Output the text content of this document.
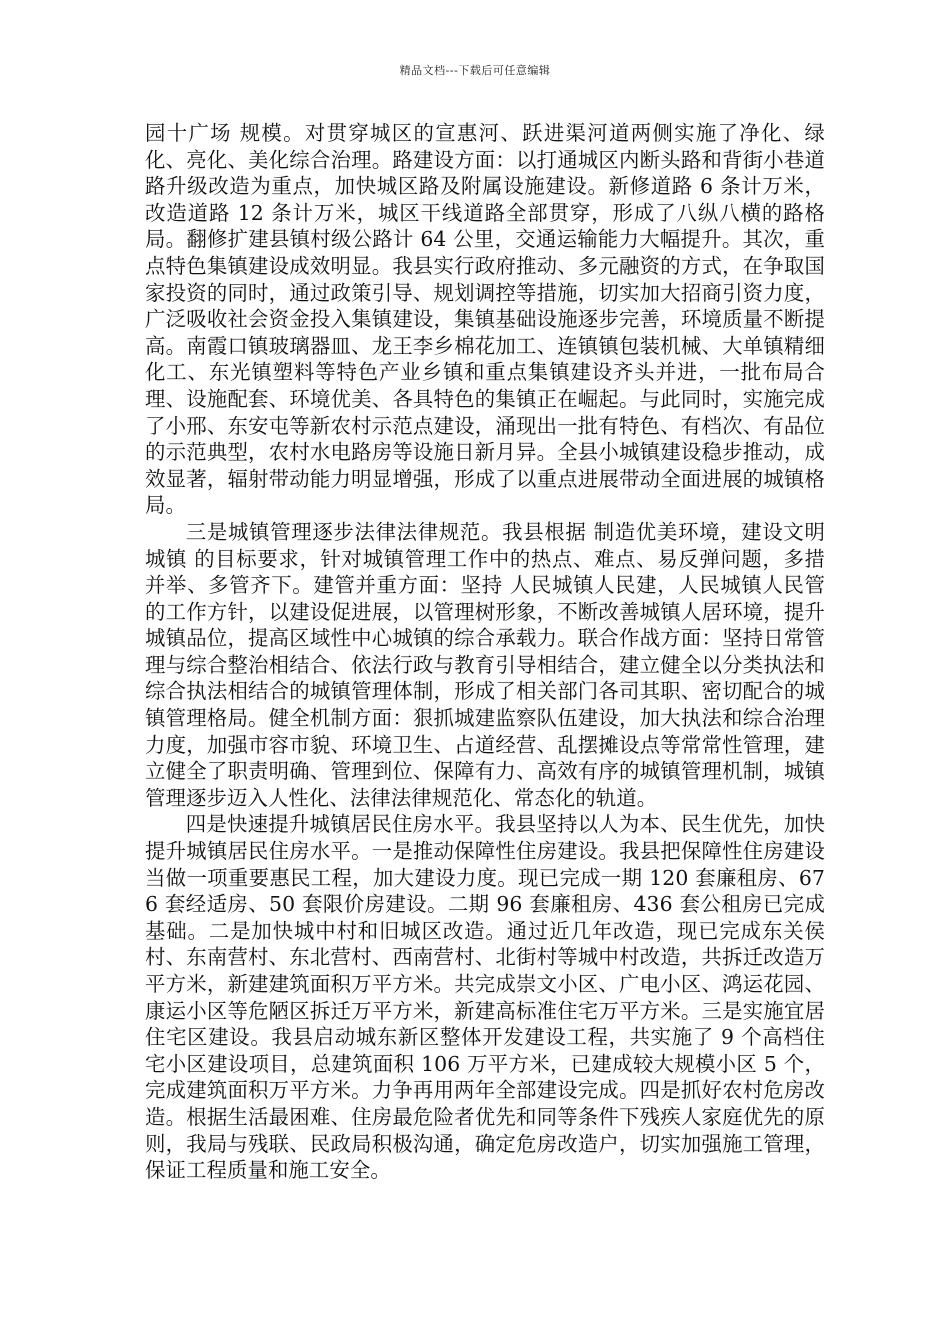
精品文档---下载后可任意编辑

园十广场 规模。对贯穿城区的宣惠河、跃进渠河道两侧实施了净化、绿化、亮化、美化综合治理。路建设方面：以打通城区内断头路和背街小巷道路升级改造为重点，加快城区路及附属设施建设。新修道路 6 条计万米，改造道路 12 条计万米，城区干线道路全部贯穿，形成了八纵八横的路格局。翻修扩建县镇村级公路计 64 公里，交通运输能力大幅提升。其次，重点特色集镇建设成效明显。我县实行政府推动、多元融资的方式，在争取国家投资的同时，通过政策引导、规划调控等措施，切实加大招商引资力度，广泛吸收社会资金投入集镇建设，集镇基础设施逐步完善，环境质量不断提高。南霞口镇玻璃器皿、龙王李乡棉花加工、连镇镇包装机械、大单镇精细化工、东光镇塑料等特色产业乡镇和重点集镇建设齐头并进，一批布局合理、设施配套、环境优美、各具特色的集镇正在崛起。与此同时，实施完成了小邢、东安屯等新农村示范点建设，涌现出一批有特色、有档次、有品位的示范典型，农村水电路房等设施日新月异。全县小城镇建设稳步推动，成效显著，辐射带动能力明显增强，形成了以重点进展带动全面进展的城镇格局。

三是城镇管理逐步法律法律规范。我县根据 制造优美环境，建设文明城镇 的目标要求，针对城镇管理工作中的热点、难点、易反弹问题，多措并举、多管齐下。建管并重方面：坚持 人民城镇人民建，人民城镇人民管 的工作方针，以建设促进展，以管理树形象，不断改善城镇人居环境，提升城镇品位，提高区域性中心城镇的综合承载力。联合作战方面：坚持日常管理与综合整治相结合、依法行政与教育引导相结合，建立健全以分类执法和综合执法相结合的城镇管理体制，形成了相关部门各司其职、密切配合的城镇管理格局。健全机制方面：狠抓城建监察队伍建设，加大执法和综合治理力度，加强市容市貌、环境卫生、占道经营、乱摆摊设点等常常性管理，建立健全了职责明确、管理到位、保障有力、高效有序的城镇管理机制，城镇管理逐步迈入人性化、法律法律规范化、常态化的轨道。

四是快速提升城镇居民住房水平。我县坚持以人为本、民生优先，加快提升城镇居民住房水平。一是推动保障性住房建设。我县把保障性住房建设当做一项重要惠民工程，加大建设力度。现已完成一期 120 套廉租房、676 套经适房、50 套限价房建设。二期 96 套廉租房、436 套公租房已完成基础。二是加快城中村和旧城区改造。通过近几年改造，现已完成东关侯村、东南营村、东北营村、西南营村、北街村等城中村改造，共拆迁改造万平方米，新建建筑面积万平方米。共完成崇文小区、广电小区、鸿运花园、康运小区等危陋区拆迁万平方米，新建高标准住宅万平方米。三是实施宜居住宅区建设。我县启动城东新区整体开发建设工程，共实施了 9 个高档住宅小区建设项目，总建筑面积 106 万平方米，已建成较大规模小区 5 个，完成建筑面积万平方米。力争再用两年全部建设完成。四是抓好农村危房改造。根据生活最困难、住房最危险者优先和同等条件下残疾人家庭优先的原则，我局与残联、民政局积极沟通，确定危房改造户，切实加强施工管理，保证工程质量和施工安全。
